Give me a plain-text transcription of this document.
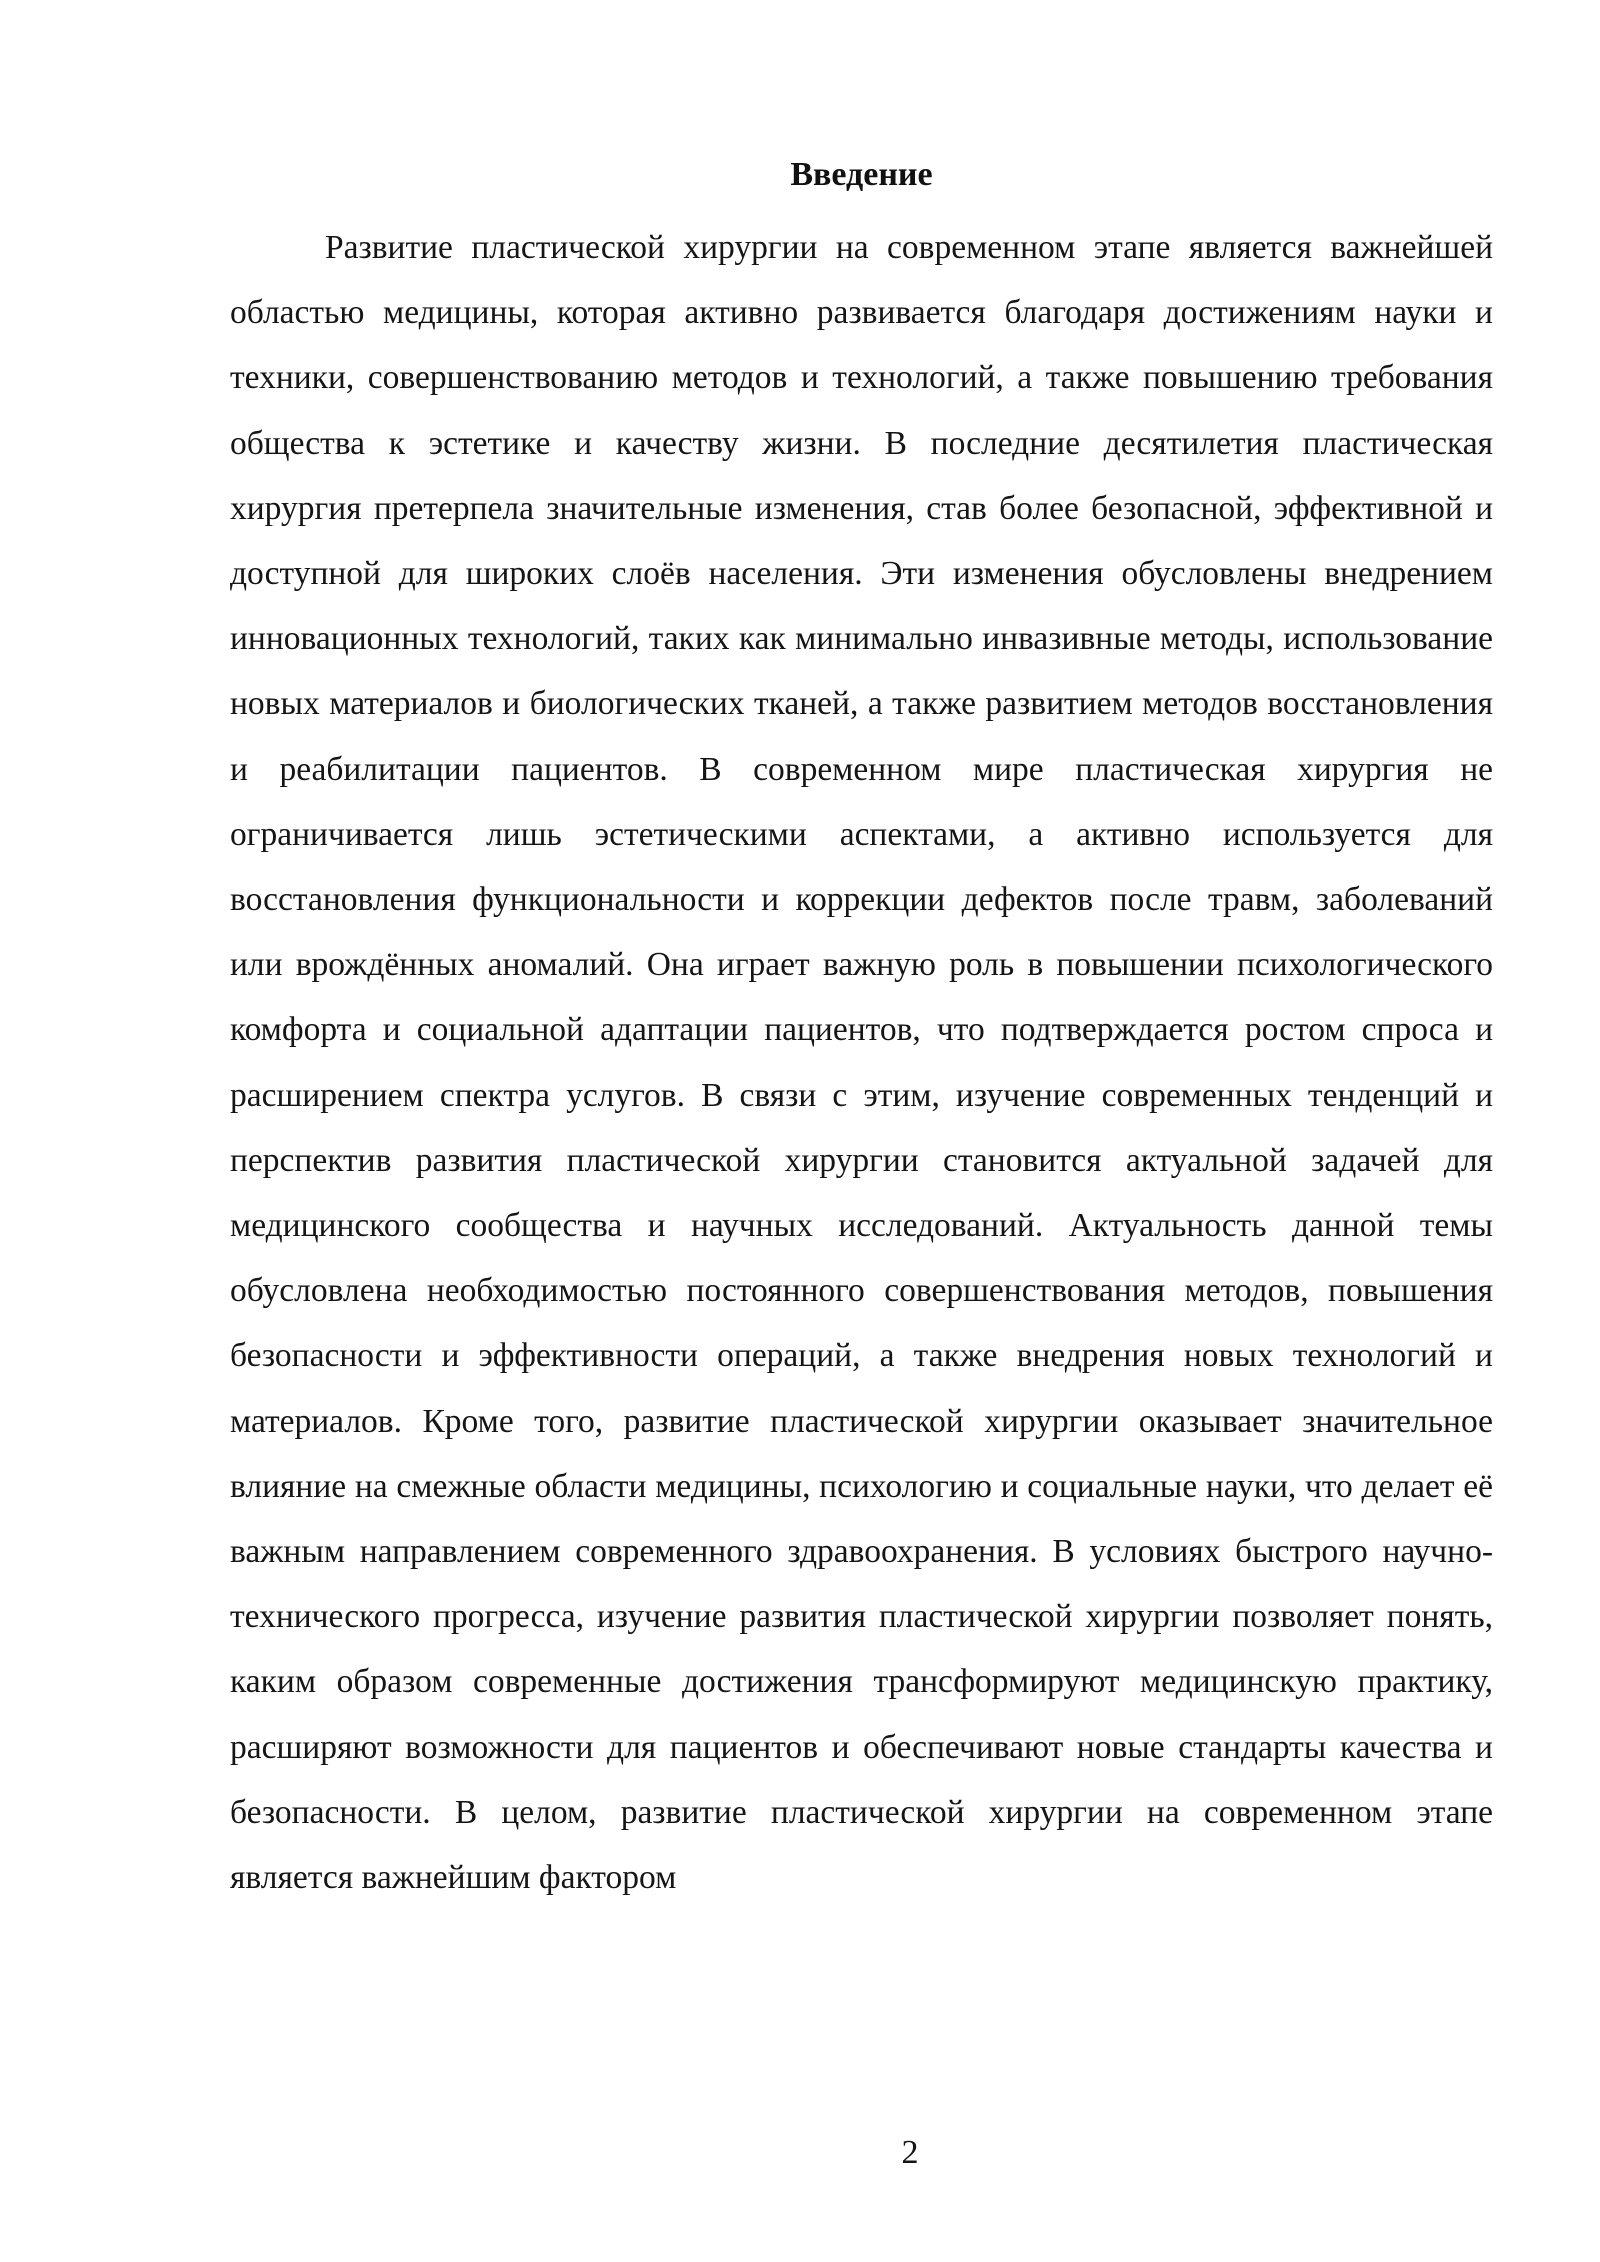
Введение

Развитие пластической хирургии на современном этапе является важнейшей областью медицины, которая активно развивается благодаря достижениям науки и техники, совершенствованию методов и технологий, а также повышению требования общества к эстетике и качеству жизни. В последние десятилетия пластическая хирургия претерпела значительные изменения, став более безопасной, эффективной и доступной для широких слоёв населения. Эти изменения обусловлены внедрением инновационных технологий, таких как минимально инвазивные методы, использование новых материалов и биологических тканей, а также развитием методов восстановления и реабилитации пациентов. В современном мире пластическая хирургия не ограничивается лишь эстетическими аспектами, а активно используется для восстановления функциональности и коррекции дефектов после травм, заболеваний или врождённых аномалий. Она играет важную роль в повышении психологического комфорта и социальной адаптации пациентов, что подтверждается ростом спроса и расширением спектра услугов. В связи с этим, изучение современных тенденций и перспектив развития пластической хирургии становится актуальной задачей для медицинского сообщества и научных исследований. Актуальность данной темы обусловлена необходимостью постоянного совершенствования методов, повышения безопасности и эффективности операций, а также внедрения новых технологий и материалов. Кроме того, развитие пластической хирургии оказывает значительное влияние на смежные области медицины, психологию и социальные науки, что делает её важным направлением современного здравоохранения. В условиях быстрого научно-технического прогресса, изучение развития пластической хирургии позволяет понять, каким образом современные достижения трансформируют медицинскую практику, расширяют возможности для пациентов и обеспечивают новые стандарты качества и безопасности. В целом, развитие пластической хирургии на современном этапе является важнейшим фактором

2
